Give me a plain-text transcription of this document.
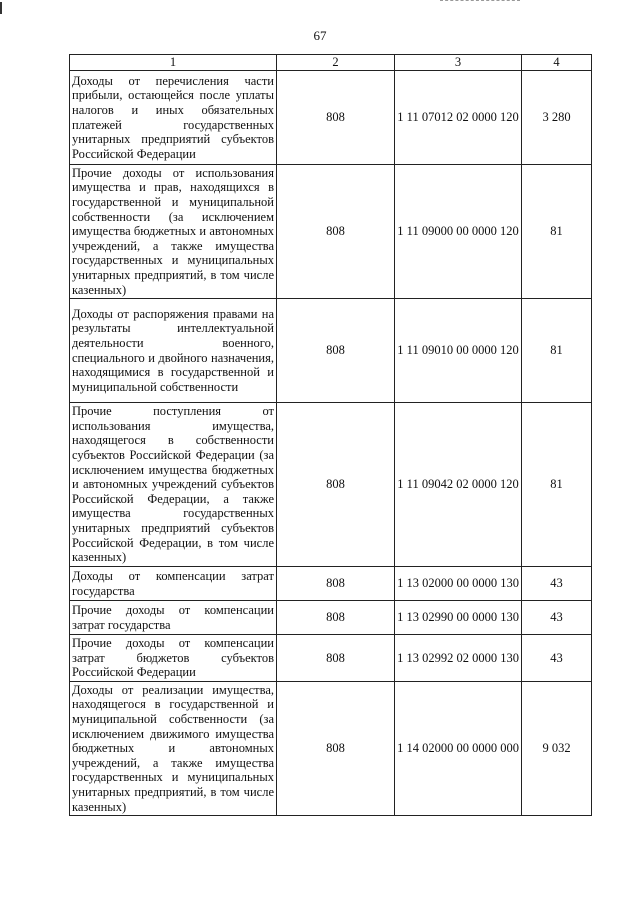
67
1	2	3	4
Доходы от перечисления части прибыли, остающейся после уплаты налогов и иных обязательных платежей государственных унитарных предприятий субъектов Российской Федерации	808	1 11 07012 02 0000 120	3 280
Прочие доходы от использования имущества и прав, находящихся в государственной и муниципальной собственности (за исключением имущества бюджетных и автономных учреждений, а также имущества государственных и муниципальных унитарных предприятий, в том числе казенных)	808	1 11 09000 00 0000 120	81
Доходы от распоряжения правами на результаты интеллектуальной деятельности военного, специального и двойного назначения, находящимися в государственной и муниципальной собственности	808	1 11 09010 00 0000 120	81
Прочие поступления от использования имущества, находящегося в собственности субъектов Российской Федерации (за исключением имущества бюджетных и автономных учреждений субъектов Российской Федерации, а также имущества государственных унитарных предприятий субъектов Российской Федерации, в том числе казенных)	808	1 11 09042 02 0000 120	81
Доходы от компенсации затрат государства	808	1 13 02000 00 0000 130	43
Прочие доходы от компенсации затрат государства	808	1 13 02990 00 0000 130	43
Прочие доходы от компенсации затрат бюджетов субъектов Российской Федерации	808	1 13 02992 02 0000 130	43
Доходы от реализации имущества, находящегося в государственной и муниципальной собственности (за исключением движимого имущества бюджетных и автономных учреждений, а также имущества государственных и муниципальных унитарных предприятий, в том числе казенных)	808	1 14 02000 00 0000 000	9 032
